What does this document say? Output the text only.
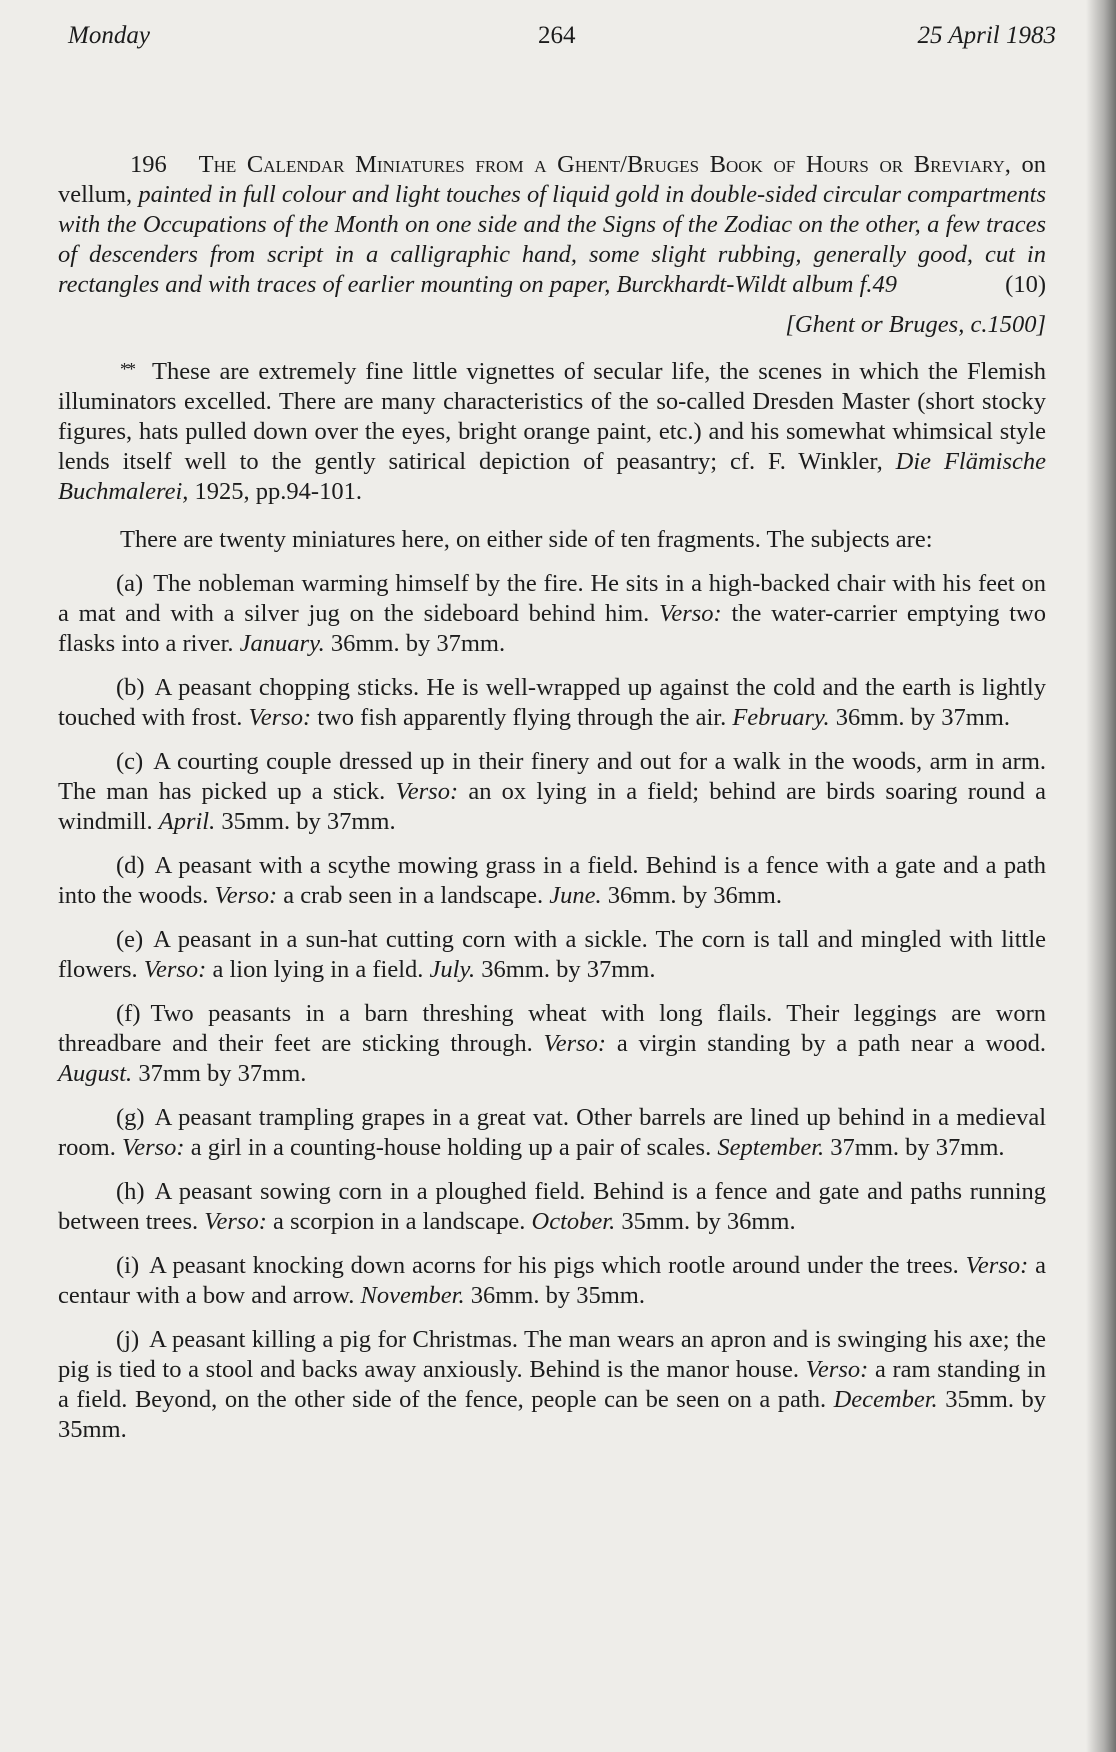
Monday	264	25 April 1983

196 The Calendar Miniatures from a Ghent/Bruges Book of Hours or Breviary, on vellum, painted in full colour and light touches of liquid gold in double-sided circular compartments with the Occupations of the Month on one side and the Signs of the Zodiac on the other, a few traces of descenders from script in a calligraphic hand, some slight rubbing, generally good, cut in rectangles and with traces of earlier mounting on paper, Burckhardt-Wildt album f.49	(10)
[Ghent or Bruges, c.1500]

** These are extremely fine little vignettes of secular life, the scenes in which the Flemish illuminators excelled. There are many characteristics of the so-called Dresden Master (short stocky figures, hats pulled down over the eyes, bright orange paint, etc.) and his somewhat whimsical style lends itself well to the gently satirical depiction of peasantry; cf. F. Winkler, Die Flämische Buchmalerei, 1925, pp.94-101.

There are twenty miniatures here, on either side of ten fragments. The subjects are:

(a) The nobleman warming himself by the fire. He sits in a high-backed chair with his feet on a mat and with a silver jug on the sideboard behind him. Verso: the water-carrier emptying two flasks into a river. January. 36mm. by 37mm.

(b) A peasant chopping sticks. He is well-wrapped up against the cold and the earth is lightly touched with frost. Verso: two fish apparently flying through the air. February. 36mm. by 37mm.

(c) A courting couple dressed up in their finery and out for a walk in the woods, arm in arm. The man has picked up a stick. Verso: an ox lying in a field; behind are birds soaring round a windmill. April. 35mm. by 37mm.

(d) A peasant with a scythe mowing grass in a field. Behind is a fence with a gate and a path into the woods. Verso: a crab seen in a landscape. June. 36mm. by 36mm.

(e) A peasant in a sun-hat cutting corn with a sickle. The corn is tall and mingled with little flowers. Verso: a lion lying in a field. July. 36mm. by 37mm.

(f) Two peasants in a barn threshing wheat with long flails. Their leggings are worn threadbare and their feet are sticking through. Verso: a virgin standing by a path near a wood. August. 37mm by 37mm.

(g) A peasant trampling grapes in a great vat. Other barrels are lined up behind in a medieval room. Verso: a girl in a counting-house holding up a pair of scales. September. 37mm. by 37mm.

(h) A peasant sowing corn in a ploughed field. Behind is a fence and gate and paths running between trees. Verso: a scorpion in a landscape. October. 35mm. by 36mm.

(i) A peasant knocking down acorns for his pigs which rootle around under the trees. Verso: a centaur with a bow and arrow. November. 36mm. by 35mm.

(j) A peasant killing a pig for Christmas. The man wears an apron and is swinging his axe; the pig is tied to a stool and backs away anxiously. Behind is the manor house. Verso: a ram standing in a field. Beyond, on the other side of the fence, people can be seen on a path. December. 35mm. by 35mm.
